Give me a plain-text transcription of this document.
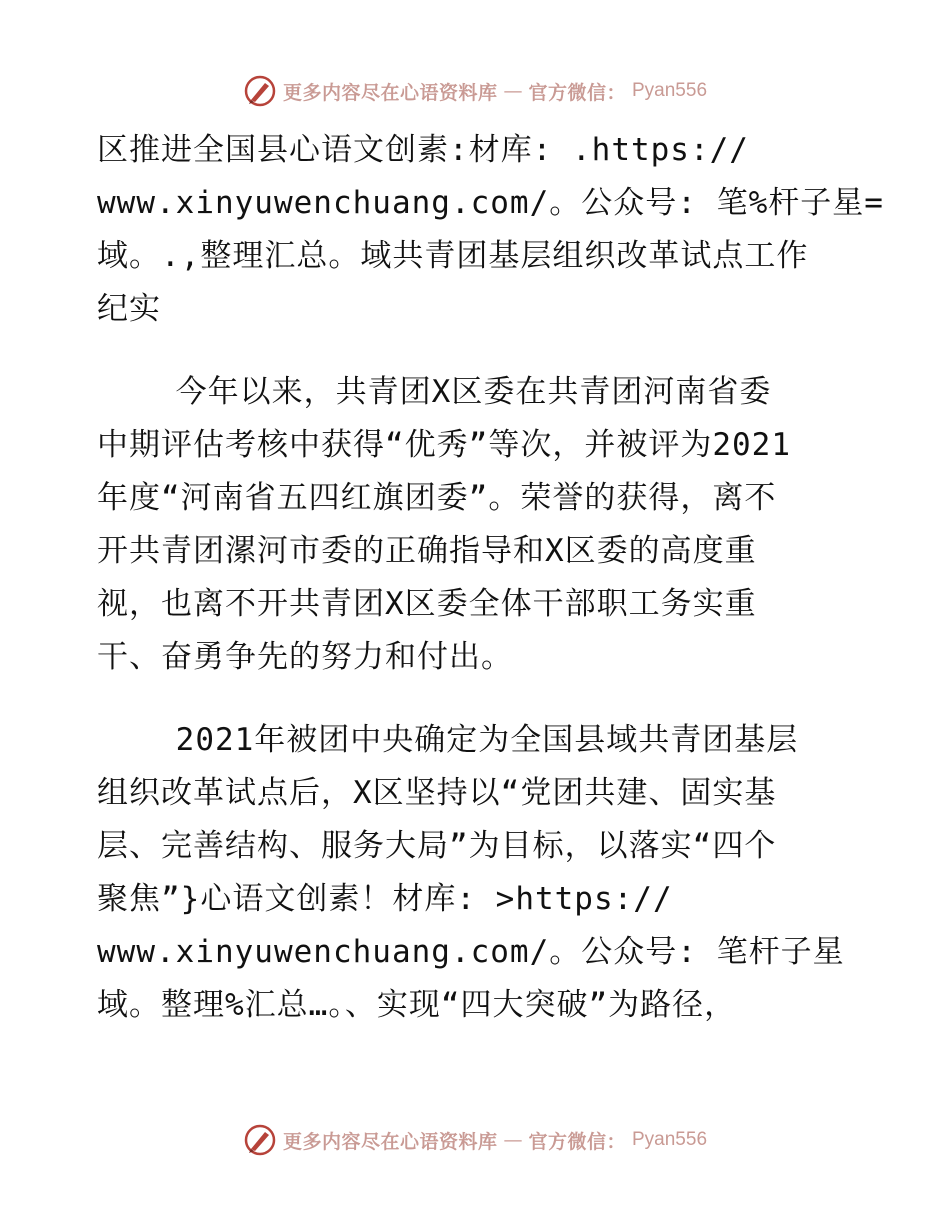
更多内容尽在心语资料库 — 官方微信： Pyan556
区推进全国县心语文创素:材库: .https://
www.xinyuwenchuang.com/。公众号: 笔%杆子星=
域。.,整理汇总。域共青团基层组织改革试点工作
纪实
今年以来，共青团X区委在共青团河南省委
中期评估考核中获得“优秀”等次，并被评为2021
年度“河南省五四红旗团委”。荣誉的获得，离不
开共青团漯河市委的正确指导和X区委的高度重
视，也离不开共青团X区委全体干部职工务实重
干、奋勇争先的努力和付出。
2021年被团中央确定为全国县域共青团基层
组织改革试点后，X区坚持以“党团共建、固实基
层、完善结构、服务大局”为目标，以落实“四个
聚焦”}心语文创素！材库: >https://
www.xinyuwenchuang.com/。公众号: 笔杆子星
域。整理%汇总…。、实现“四大突破”为路径，
更多内容尽在心语资料库 — 官方微信： Pyan556
